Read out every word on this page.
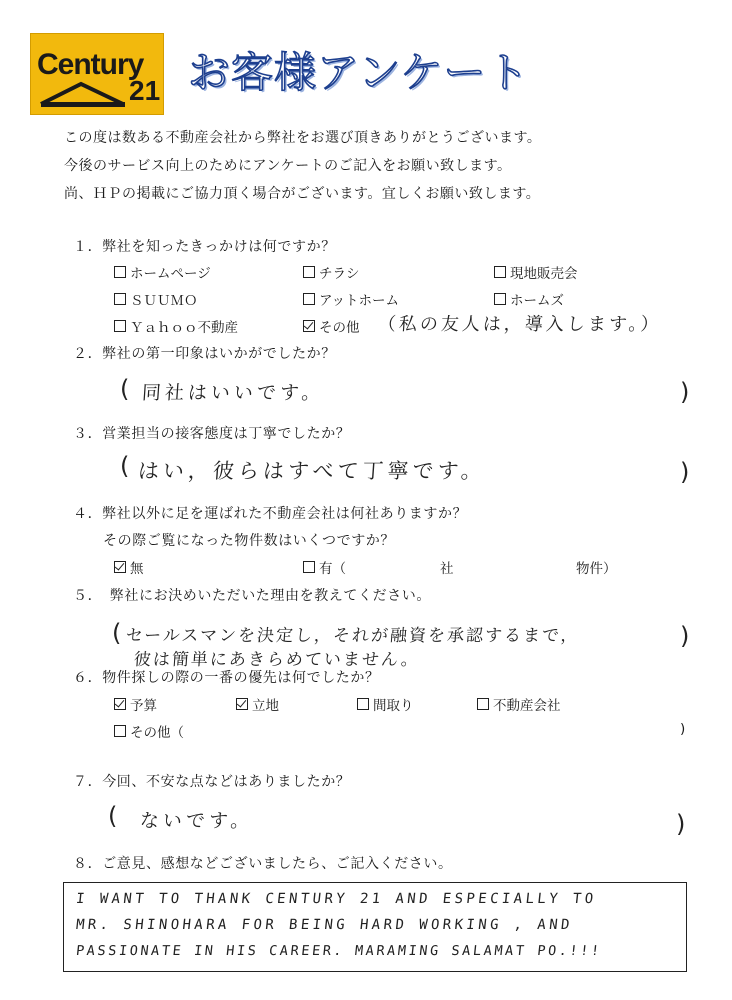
Century
21 お客様アンケート
この度は数ある不動産会社から弊社をお選び頂きありがとうございます。
今後のサービス向上のためにアンケートのご記入をお願い致します。
尚、ＨＰの掲載にご協力頂く場合がございます。宜しくお願い致します。
１．弊社を知ったきっかけは何ですか？
ホームページ	チラシ	現地販売会
ＳＵＵＭＯ	アットホーム	ホームズ
Ｙａｈｏｏ不動産	その他 （私の友人は，導入します。）
２．弊社の第一印象はいかがでしたか？
( 同社はいいです。	)
３．営業担当の接客態度は丁寧でしたか？
( はい，彼らはすべて丁寧です。	)
４．弊社以外に足を運ばれた不動産会社は何社ありますか？
その際ご覧になった物件数はいくつですか？
無	有（	社	物件）
５．　弊社にお決めいただいた理由を教えてください。
( セールスマンを決定し，それが融資を承認するまで，
彼は簡単にあきらめていません。
)
６．物件探しの際の一番の優先は何でしたか？
予算	立地	間取り	不動産会社
その他（	)
７．今回、不安な点などはありましたか？
( ないです。	)
８．ご意見、感想などございましたら、ご記入ください。
I WANT TO THANK CENTURY 21 AND ESPECIALLY TO
MR. SHINOHARA FOR BEING HARD WORKING , AND
PASSIONATE IN HIS CAREER. MARAMING SALAMAT PO.!!!
